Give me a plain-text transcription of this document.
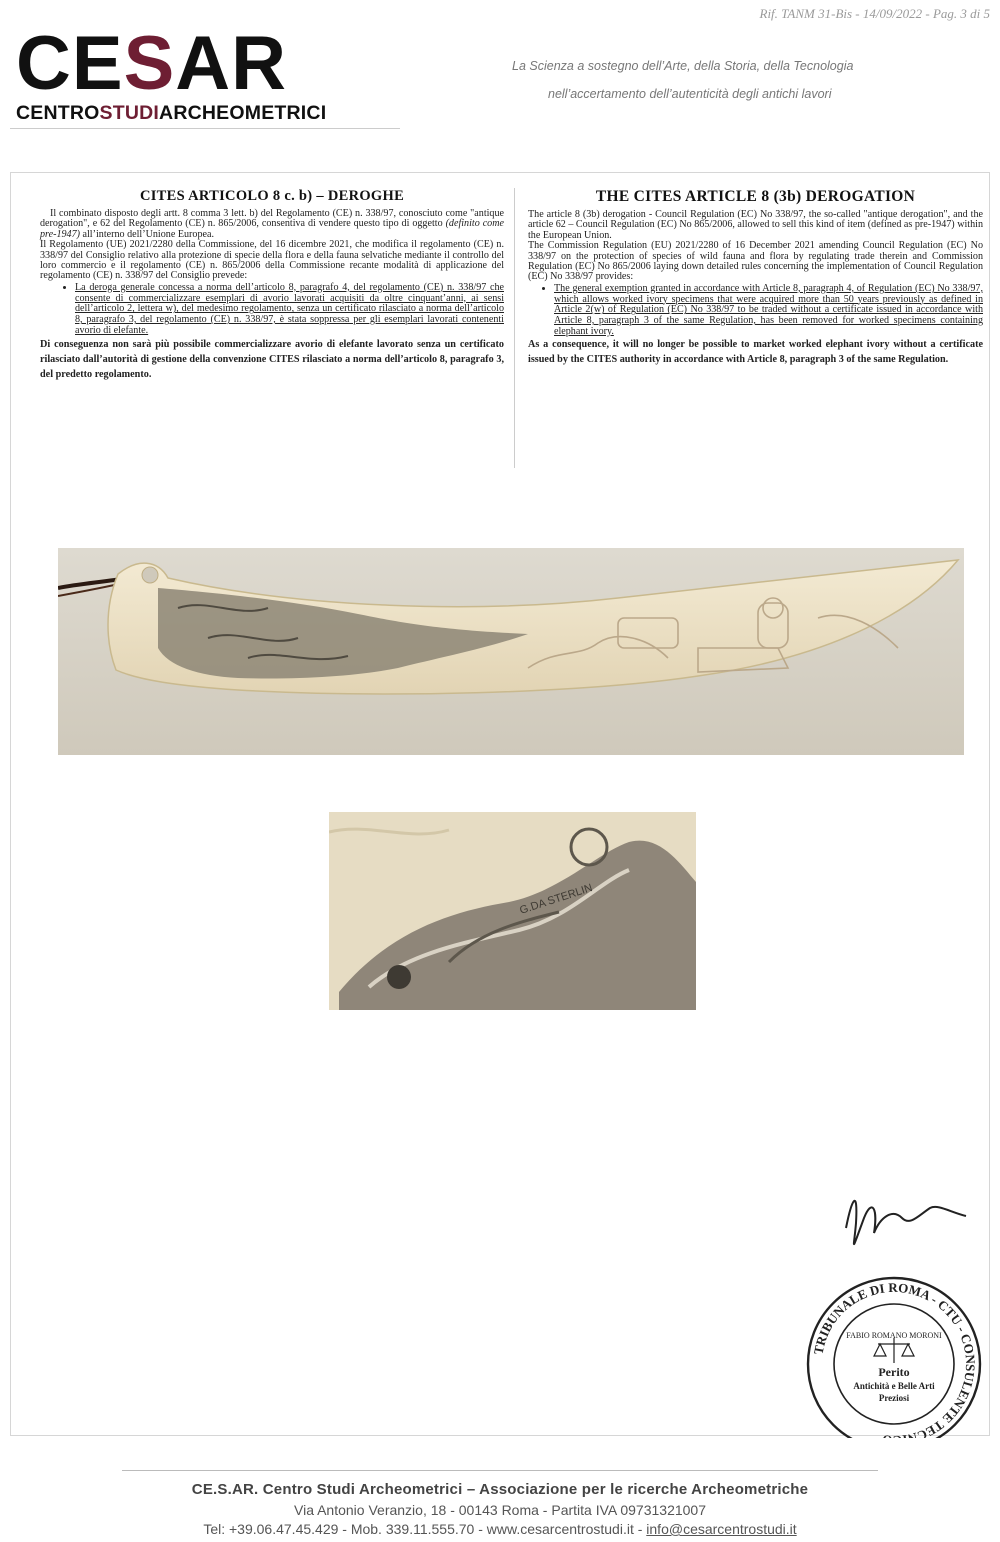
Rif. TANM 31-Bis - 14/09/2022 - Pag. 3 di 5
CESAR
CENTROSTUDIARCHEOMETRICI
La Scienza a sostegno dell’Arte, della Storia, della Tecnologia
nell’accertamento dell’autenticità degli antichi lavori
CITES ARTICOLO 8 c. b) – DEROGHE

Il combinato disposto degli artt. 8 comma 3 lett. b) del Regolamento (CE) n. 338/97, conosciuto come "antique derogation", e 62 del Regolamento (CE) n. 865/2006, consentiva di vendere questo tipo di oggetto (definito come pre-1947) all’interno dell’Unione Europea.

Il Regolamento (UE) 2021/2280 della Commissione, del 16 dicembre 2021, che modifica il regolamento (CE) n. 338/97 del Consiglio relativo alla protezione di specie della flora e della fauna selvatiche mediante il controllo del loro commercio e il regolamento (CE) n. 865/2006 della Commissione recante modalità di applicazione del regolamento (CE) n. 338/97 del Consiglio prevede:

• La deroga generale concessa a norma dell’articolo 8, paragrafo 4, del regolamento (CE) n. 338/97 che consente di commercializzare esemplari di avorio lavorati acquisiti da oltre cinquant’anni, ai sensi dell’articolo 2, lettera w), del medesimo regolamento, senza un certificato rilasciato a norma dell’articolo 8, paragrafo 3, del regolamento (CE) n. 338/97, è stata soppressa per gli esemplari lavorati contenenti avorio di elefante.

Di conseguenza non sarà più possibile commercializzare avorio di elefante lavorato senza un certificato rilasciato dall’autorità di gestione della convenzione CITES rilasciato a norma dell’articolo 8, paragrafo 3, del predetto regolamento.

THE CITES ARTICLE 8 (3b) DEROGATION

The article 8 (3b) derogation - Council Regulation (EC) No 338/97, the so-called "antique derogation", and the article 62 – Council Regulation (EC) No 865/2006, allowed to sell this kind of item (defined as pre-1947) within the European Union.

The Commission Regulation (EU) 2021/2280 of 16 December 2021 amending Council Regulation (EC) No 338/97 on the protection of species of wild fauna and flora by regulating trade therein and Commission Regulation (EC) No 865/2006 laying down detailed rules concerning the implementation of Council Regulation (EC) No 338/97 provides:

• The general exemption granted in accordance with Article 8, paragraph 4, of Regulation (EC) No 338/97, which allows worked ivory specimens that were acquired more than 50 years previously as defined in Article 2(w) of Regulation (EC) No 338/97 to be traded without a certificate issued in accordance with Article 8, paragraph 3 of the same Regulation, has been removed for worked specimens containing elephant ivory.

As a consequence, it will no longer be possible to market worked elephant ivory without a certificate issued by the CITES authority in accordance with Article 8, paragraph 3 of the same Regulation.

G.DA STERLIN
TRIBUNALE DI ROMA - CTU - CONSULENTE TEC
FABIO ROMANO MORONI
Perito
Antichità e Belle Arti
Preziosi
CE.S.AR. Centro Studi Archeometrici – Associazione per le ricerche Archeometriche
Via Antonio Veranzio, 18 - 00143 Roma - Partita IVA 09731321007
Tel: +39.06.47.45.429 - Mob. 339.11.555.70 - www.cesarcentrostudi.it - info@cesarcentrostudi.it
